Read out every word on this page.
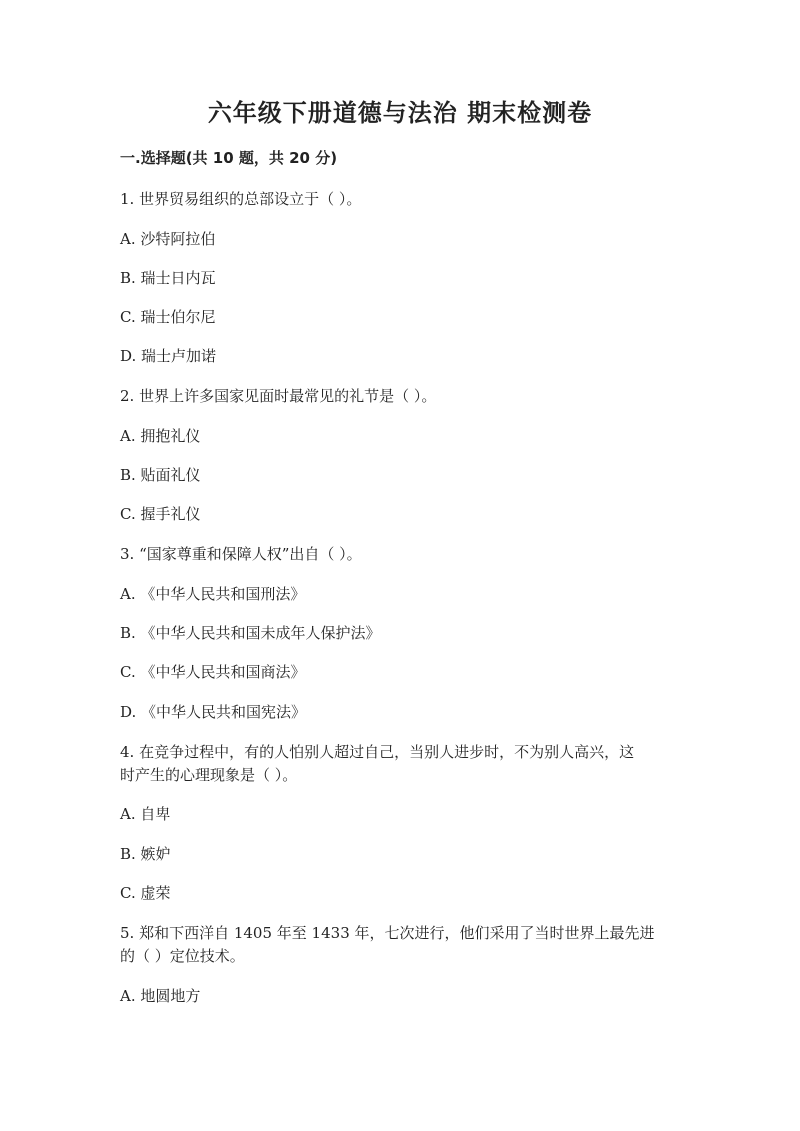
六年级下册道德与法治 期末检测卷
一.选择题(共 10 题，共 20 分)
1. 世界贸易组织的总部设立于（ ）。
A. 沙特阿拉伯
B. 瑞士日内瓦
C. 瑞士伯尔尼
D. 瑞士卢加诺
2. 世界上许多国家见面时最常见的礼节是（ ）。
A. 拥抱礼仪
B. 贴面礼仪
C. 握手礼仪
3. “国家尊重和保障人权”出自（ ）。
A. 《中华人民共和国刑法》
B. 《中华人民共和国未成年人保护法》
C. 《中华人民共和国商法》
D. 《中华人民共和国宪法》
4. 在竞争过程中，有的人怕别人超过自己，当别人进步时，不为别人高兴，这
时产生的心理现象是（ ）。
A. 自卑
B. 嫉妒
C. 虚荣
5. 郑和下西洋自 1405 年至 1433 年，七次进行，他们采用了当时世界上最先进
的（ ）定位技术。
A. 地圆地方
